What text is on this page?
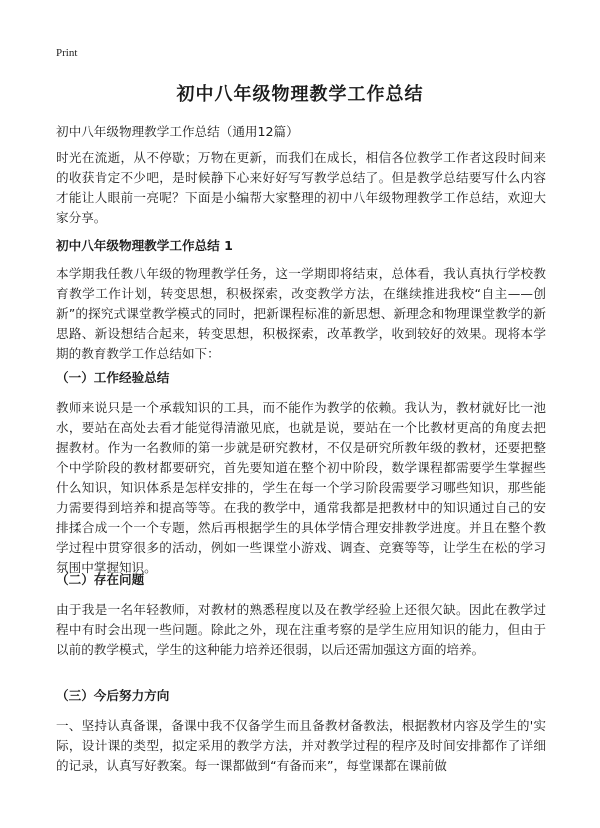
Print
初中八年级物理教学工作总结

初中八年级物理教学工作总结（通用12篇）

时光在流逝，从不停歇；万物在更新，而我们在成长，相信各位教学工作者这段时间来的收获肯定不少吧，是时候静下心来好好写写教学总结了。但是教学总结要写什么内容才能让人眼前一亮呢？下面是小编帮大家整理的初中八年级物理教学工作总结，欢迎大家分享。

初中八年级物理教学工作总结 1

本学期我任教八年级的物理教学任务，这一学期即将结束，总体看，我认真执行学校教育教学工作计划，转变思想，积极探索，改变教学方法，在继续推进我校“自主——创新”的探究式课堂教学模式的同时，把新课程标准的新思想、新理念和物理课堂教学的新思路、新设想结合起来，转变思想，积极探索，改革教学，收到较好的效果。现将本学期的教育教学工作总结如下：

（一）工作经验总结

教师来说只是一个承载知识的工具，而不能作为教学的依赖。我认为，教材就好比一池水，要站在高处去看才能觉得清澈见底，也就是说，要站在一个比教材更高的角度去把握教材。作为一名教师的第一步就是研究教材，不仅是研究所教年级的教材，还要把整个中学阶段的教材都要研究，首先要知道在整个初中阶段，数学课程都需要学生掌握些什么知识，知识体系是怎样安排的，学生在每一个学习阶段需要学习哪些知识，那些能力需要得到培养和提高等等。在我的教学中，通常我都是把教材中的知识通过自己的安排揉合成一个一个专题，然后再根据学生的具体学情合理安排教学进度。并且在整个教学过程中贯穿很多的活动，例如一些课堂小游戏、调查、竞赛等等，让学生在松的学习氛围中掌握知识。

（二）存在问题

由于我是一名年轻教师，对教材的熟悉程度以及在教学经验上还很欠缺。因此在教学过程中有时会出现一些问题。除此之外，现在注重考察的是学生应用知识的能力，但由于以前的教学模式，学生的这种能力培养还很弱，以后还需加强这方面的培养。

（三）今后努力方向

一、坚持认真备课，备课中我不仅备学生而且备教材备教法，根据教材内容及学生的'实际，设计课的类型，拟定采用的教学方法，并对教学过程的程序及时间安排都作了详细的记录，认真写好教案。每一课都做到“有备而来”，每堂课都在课前做
